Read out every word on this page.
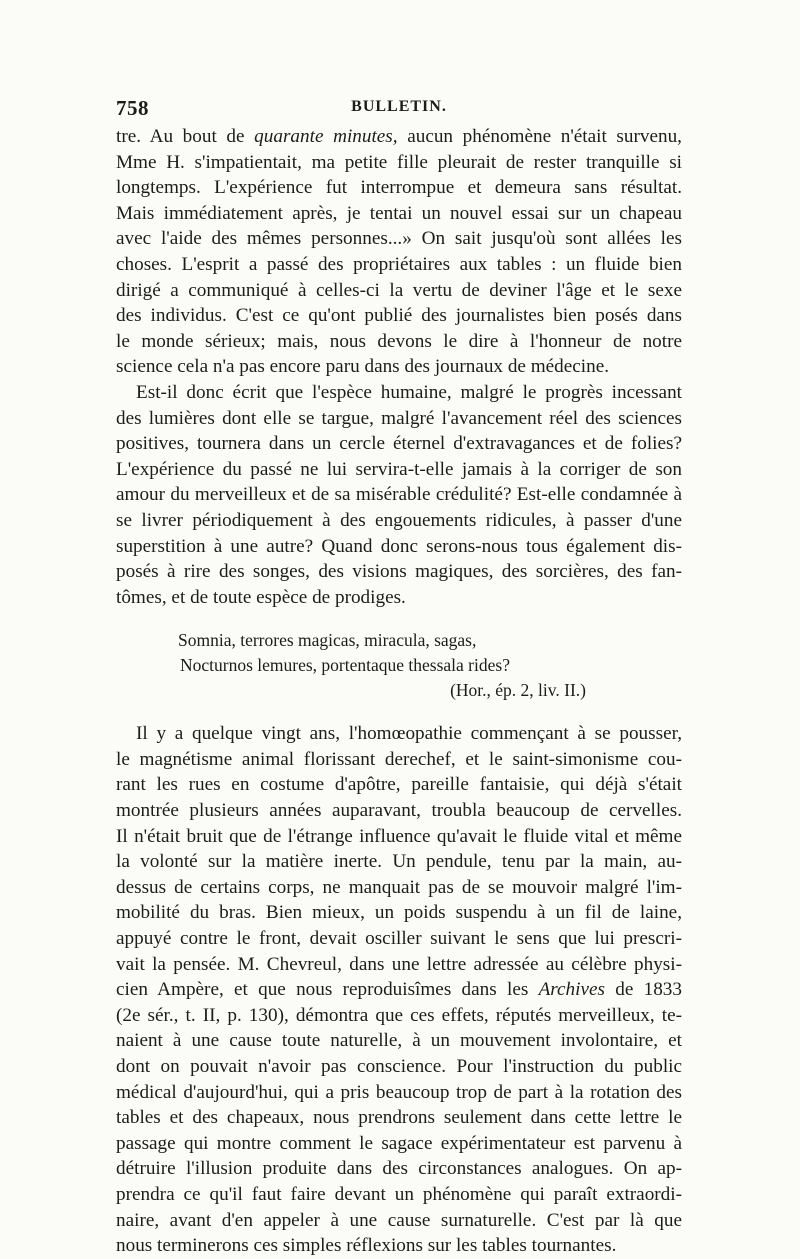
758	BULLETIN.
tre. Au bout de quarante minutes, aucun phénomène n'était survenu,
Mme H. s'impatientait, ma petite fille pleurait de rester tranquille si
longtemps. L'expérience fut interrompue et demeura sans résultat.
Mais immédiatement après, je tentai un nouvel essai sur un chapeau
avec l'aide des mêmes personnes...» On sait jusqu'où sont allées les
choses. L'esprit a passé des propriétaires aux tables : un fluide bien
dirigé a communiqué à celles-ci la vertu de deviner l'âge et le sexe
des individus. C'est ce qu'ont publié des journalistes bien posés dans
le monde sérieux; mais, nous devons le dire à l'honneur de notre
science cela n'a pas encore paru dans des journaux de médecine.
Est-il donc écrit que l'espèce humaine, malgré le progrès incessant
des lumières dont elle se targue, malgré l'avancement réel des sciences
positives, tournera dans un cercle éternel d'extravagances et de folies?
L'expérience du passé ne lui servira-t-elle jamais à la corriger de son
amour du merveilleux et de sa misérable crédulité? Est-elle condamnée à
se livrer périodiquement à des engouements ridicules, à passer d'une
superstition à une autre? Quand donc serons-nous tous également dis-
posés à rire des songes, des visions magiques, des sorcières, des fan-
tômes, et de toute espèce de prodiges.
Somnia, terrores magicas, miracula, sagas,
Nocturnos lemures, portentaque thessala rides?
(Hor., ép. 2, liv. II.)
Il y a quelque vingt ans, l'homœopathie commençant à se pousser,
le magnétisme animal florissant derechef, et le saint-simonisme cou-
rant les rues en costume d'apôtre, pareille fantaisie, qui déjà s'était
montrée plusieurs années auparavant, troubla beaucoup de cervelles.
Il n'était bruit que de l'étrange influence qu'avait le fluide vital et même
la volonté sur la matière inerte. Un pendule, tenu par la main, au-
dessus de certains corps, ne manquait pas de se mouvoir malgré l'im-
mobilité du bras. Bien mieux, un poids suspendu à un fil de laine,
appuyé contre le front, devait osciller suivant le sens que lui prescri-
vait la pensée. M. Chevreul, dans une lettre adressée au célèbre physi-
cien Ampère, et que nous reproduisîmes dans les Archives de 1833
(2e sér., t. II, p. 130), démontra que ces effets, réputés merveilleux, te-
naient à une cause toute naturelle, à un mouvement involontaire, et
dont on pouvait n'avoir pas conscience. Pour l'instruction du public
médical d'aujourd'hui, qui a pris beaucoup trop de part à la rotation des
tables et des chapeaux, nous prendrons seulement dans cette lettre le
passage qui montre comment le sagace expérimentateur est parvenu à
détruire l'illusion produite dans des circonstances analogues. On ap-
prendra ce qu'il faut faire devant un phénomène qui paraît extraordi-
naire, avant d'en appeler à une cause surnaturelle. C'est par là que
nous terminerons ces simples réflexions sur les tables tournantes.
